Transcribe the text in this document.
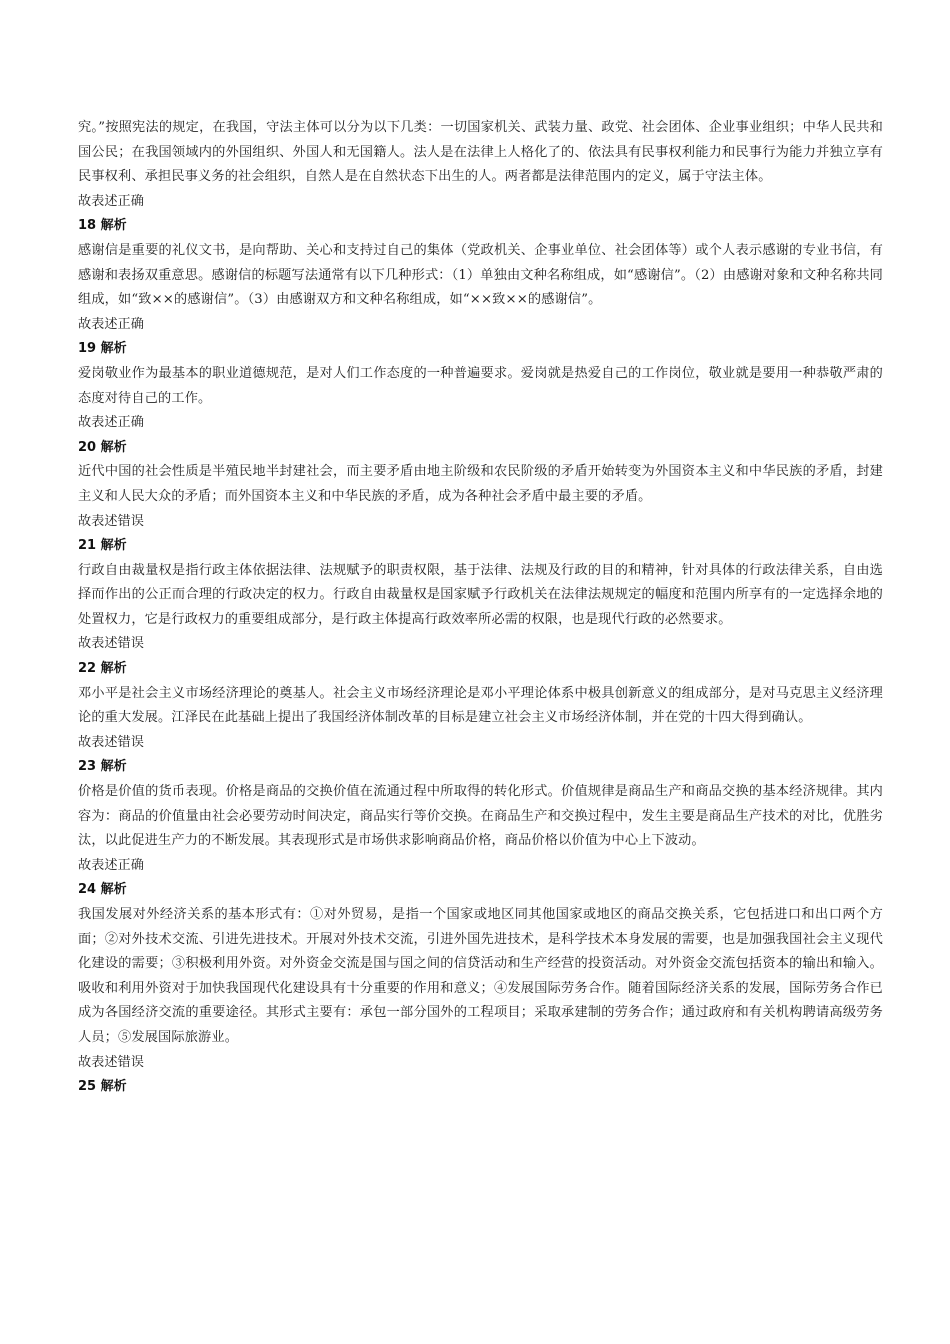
究。”按照宪法的规定，在我国，守法主体可以分为以下几类：一切国家机关、武装力量、政党、社会团体、企业事业组织；中华人民共和国公民；在我国领域内的外国组织、外国人和无国籍人。法人是在法律上人格化了的、依法具有民事权利能力和民事行为能力并独立享有民事权利、承担民事义务的社会组织，自然人是在自然状态下出生的人。两者都是法律范围内的定义，属于守法主体。

故表述正确

18 解析

感谢信是重要的礼仪文书，是向帮助、关心和支持过自己的集体（党政机关、企事业单位、社会团体等）或个人表示感谢的专业书信，有感谢和表扬双重意思。感谢信的标题写法通常有以下几种形式：（1）单独由文种名称组成，如“感谢信”。（2）由感谢对象和文种名称共同组成，如“致××的感谢信”。（3）由感谢双方和文种名称组成，如“××致××的感谢信”。

故表述正确

19 解析

爱岗敬业作为最基本的职业道德规范，是对人们工作态度的一种普遍要求。爱岗就是热爱自己的工作岗位，敬业就是要用一种恭敬严肃的态度对待自己的工作。

故表述正确

20 解析

近代中国的社会性质是半殖民地半封建社会，而主要矛盾由地主阶级和农民阶级的矛盾开始转变为外国资本主义和中华民族的矛盾，封建主义和人民大众的矛盾；而外国资本主义和中华民族的矛盾，成为各种社会矛盾中最主要的矛盾。

故表述错误

21 解析

行政自由裁量权是指行政主体依据法律、法规赋予的职责权限，基于法律、法规及行政的目的和精神，针对具体的行政法律关系，自由选择而作出的公正而合理的行政决定的权力。行政自由裁量权是国家赋予行政机关在法律法规规定的幅度和范围内所享有的一定选择余地的处置权力，它是行政权力的重要组成部分，是行政主体提高行政效率所必需的权限，也是现代行政的必然要求。

故表述错误

22 解析

邓小平是社会主义市场经济理论的奠基人。社会主义市场经济理论是邓小平理论体系中极具创新意义的组成部分，是对马克思主义经济理论的重大发展。江泽民在此基础上提出了我国经济体制改革的目标是建立社会主义市场经济体制，并在党的十四大得到确认。

故表述错误

23 解析

价格是价值的货币表现。价格是商品的交换价值在流通过程中所取得的转化形式。价值规律是商品生产和商品交换的基本经济规律。其内容为：商品的价值量由社会必要劳动时间决定，商品实行等价交换。在商品生产和交换过程中，发生主要是商品生产技术的对比，优胜劣汰，以此促进生产力的不断发展。其表现形式是市场供求影响商品价格，商品价格以价值为中心上下波动。

故表述正确

24 解析

我国发展对外经济关系的基本形式有：①对外贸易，是指一个国家或地区同其他国家或地区的商品交换关系，它包括进口和出口两个方面；②对外技术交流、引进先进技术。开展对外技术交流，引进外国先进技术，是科学技术本身发展的需要，也是加强我国社会主义现代化建设的需要；③积极利用外资。对外资金交流是国与国之间的信贷活动和生产经营的投资活动。对外资金交流包括资本的输出和输入。吸收和利用外资对于加快我国现代化建设具有十分重要的作用和意义；④发展国际劳务合作。随着国际经济关系的发展，国际劳务合作已成为各国经济交流的重要途径。其形式主要有：承包一部分国外的工程项目；采取承建制的劳务合作；通过政府和有关机构聘请高级劳务人员；⑤发展国际旅游业。

故表述错误

25 解析
